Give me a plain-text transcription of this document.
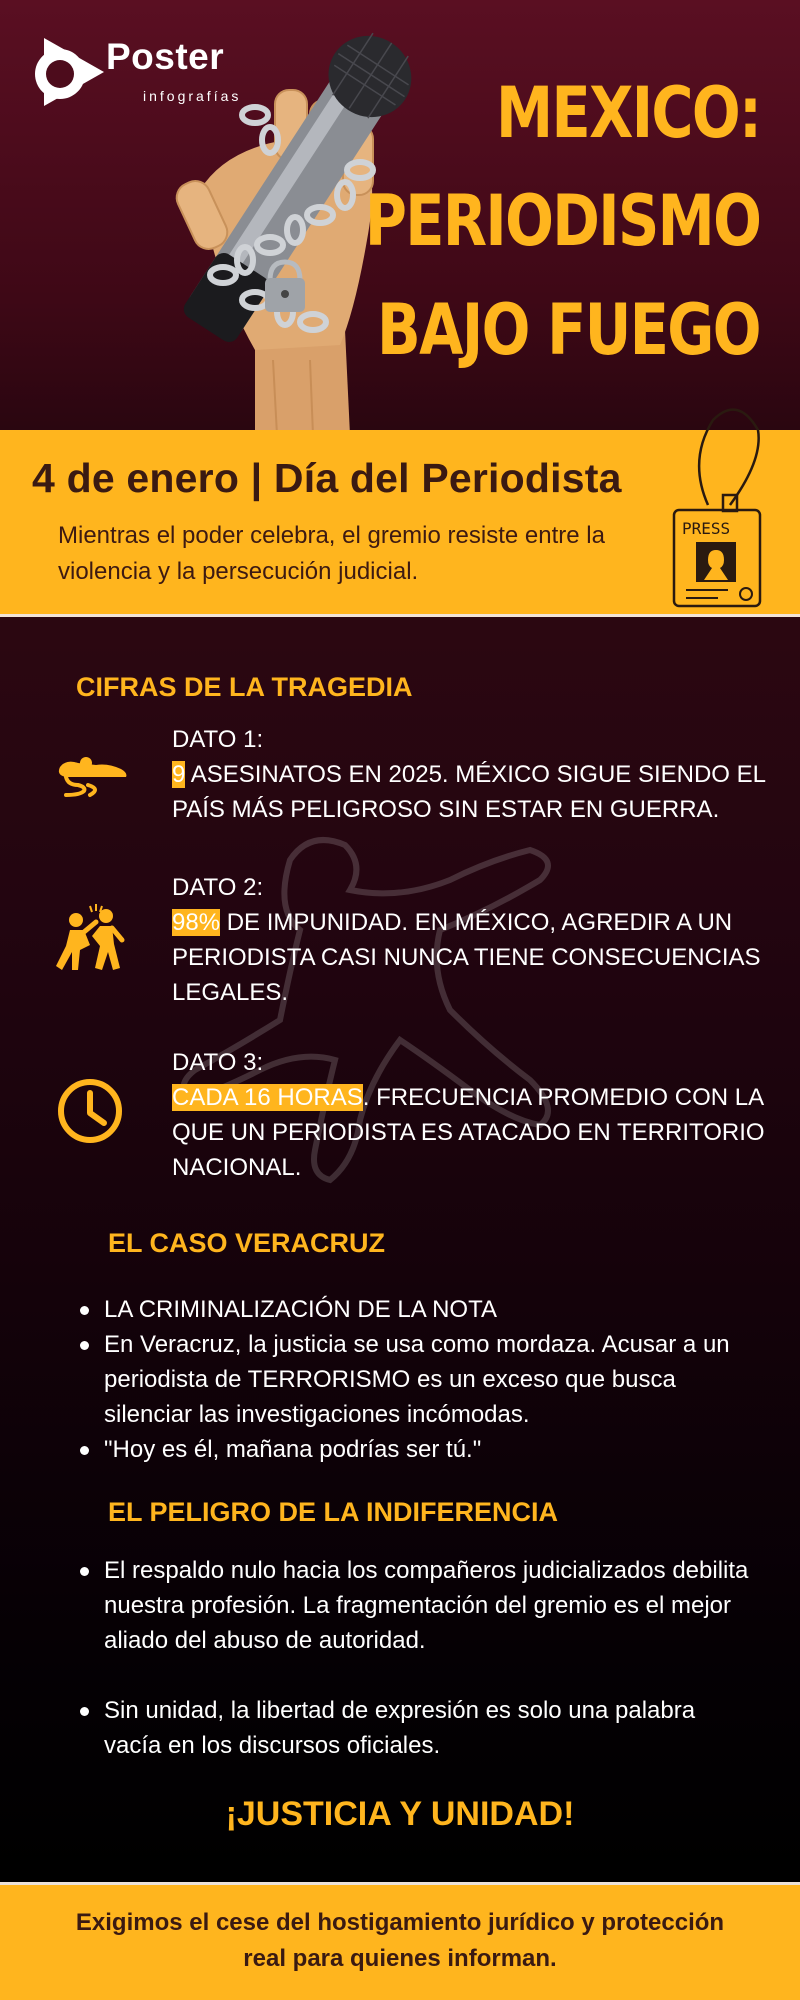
Poster
infografías	MEXICO:
PERIODISMO
BAJO FUEGO
4 de enero | Día del Periodista
Mientras el poder celebra, el gremio resiste entre la violencia y la persecución judicial.
PRESS
CIFRAS DE LA TRAGEDIA
DATO 1:
9 ASESINATOS EN 2025. MÉXICO SIGUE SIENDO EL PAÍS MÁS PELIGROSO SIN ESTAR EN GUERRA.
DATO 2:
98% DE IMPUNIDAD. EN MÉXICO, AGREDIR A UN PERIODISTA CASI NUNCA TIENE CONSECUENCIAS LEGALES.
DATO 3:
CADA 16 HORAS. FRECUENCIA PROMEDIO CON LA QUE UN PERIODISTA ES ATACADO EN TERRITORIO NACIONAL.
EL CASO VERACRUZ
LA CRIMINALIZACIÓN DE LA NOTA
En Veracruz, la justicia se usa como mordaza. Acusar a un periodista de TERRORISMO es un exceso que busca silenciar las investigaciones incómodas.
"Hoy es él, mañana podrías ser tú."
EL PELIGRO DE LA INDIFERENCIA
El respaldo nulo hacia los compañeros judicializados debilita nuestra profesión. La fragmentación del gremio es el mejor aliado del abuso de autoridad.
Sin unidad, la libertad de expresión es solo una palabra vacía en los discursos oficiales.
¡JUSTICIA Y UNIDAD!
Exigimos el cese del hostigamiento jurídico y protección real para quienes informan.
